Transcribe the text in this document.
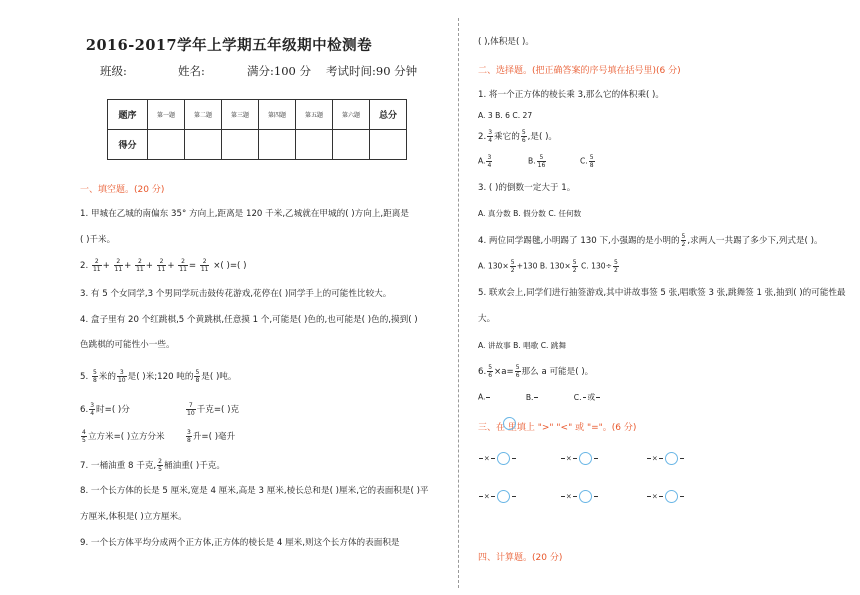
2016-2017学年上学期五年级期中检测卷
班级:	姓名:	满分:100 分 考试时间:90 分钟
题序	第一题	第二题	第三题	第四题	第五题	第六题	总分
得分							
一、填空题。(20 分)
1. 甲城在乙城的南偏东 35° 方向上,距离是 120 千米,乙城就在甲城的( )方向上,距离是
( )千米。
2. $\frac{2}{11} + \frac{2}{11} + \frac{2}{11} + \frac{2}{11} + \frac{2}{11} = \frac{2}{11}$ ×( )=( )
3. 有 5 个女同学,3 个男同学玩击鼓传花游戏,花停在( )同学手上的可能性比较大。
4. 盒子里有 20 个红跳棋,5 个黄跳棋,任意摸 1 个,可能是( )色的,也可能是( )色的,摸到( )
色跳棋的可能性小一些。
5. $\frac{5}{8}$ 米的 $\frac{3}{10}$ 是( )米;120 吨的 $\frac{5}{8}$ 是( )吨。
6. $\frac{3}{4}$ 时=( )分	$\frac{7}{10}$ 千克=( )克
$\frac{4}{5}$ 立方米=( )立方分米	$\frac{3}{8}$ 升=( )毫升
7. 一桶油重 8 千克, $\frac{2}{5}$ 桶油重( )千克。
8. 一个长方体的长是 5 厘米,宽是 4 厘米,高是 3 厘米,棱长总和是( )厘米,它的表面积是( )平
方厘米,体积是( )立方厘米。
9. 一个长方体平均分成两个正方体,正方体的棱长是 4 厘米,则这个长方体的表面积是
( ),体积是( )。
二、选择题。(把正确答案的序号填在括号里)(6 分)
1. 将一个正方体的棱长乘 3,那么它的体积乘( )。
A. 3 B. 6 C. 27
2. $\frac{3}{4}$ 乘它的 $\frac{5}{6}$ ,是( )。
A. $\frac{3}{4}$	B. $\frac{5}{16}$	C. $\frac{5}{8}$
3. ( )的倒数一定大于 1。
A. 真分数 B. 假分数 C. 任何数
4. 两位同学踢毽,小明踢了 130 下,小强踢的是小明的 $\frac{5}{2}$ ,求两人一共踢了多少下,列式是( )。
A. $130\times \frac{5}{2} +130$ B. $130\times \frac{5}{2} C$. $130\div \frac{5}{2}$
5. 联欢会上,同学们进行抽签游戏,其中讲故事签 5 张,唱歌签 3 张,跳舞签 1 张,抽到( )的可能性最
大。
A. 讲故事 B. 唱歌 C. 跳舞
6. $\frac{5}{6} \times a= \frac{5}{6}$ 那么 a 可能是( )。
A.

	B.

	C.

或

三、在 里填上 ">" "<" 或 "="。(6 分)

×

	×

	×

×

	×

	×

四、计算题。(20 分)
